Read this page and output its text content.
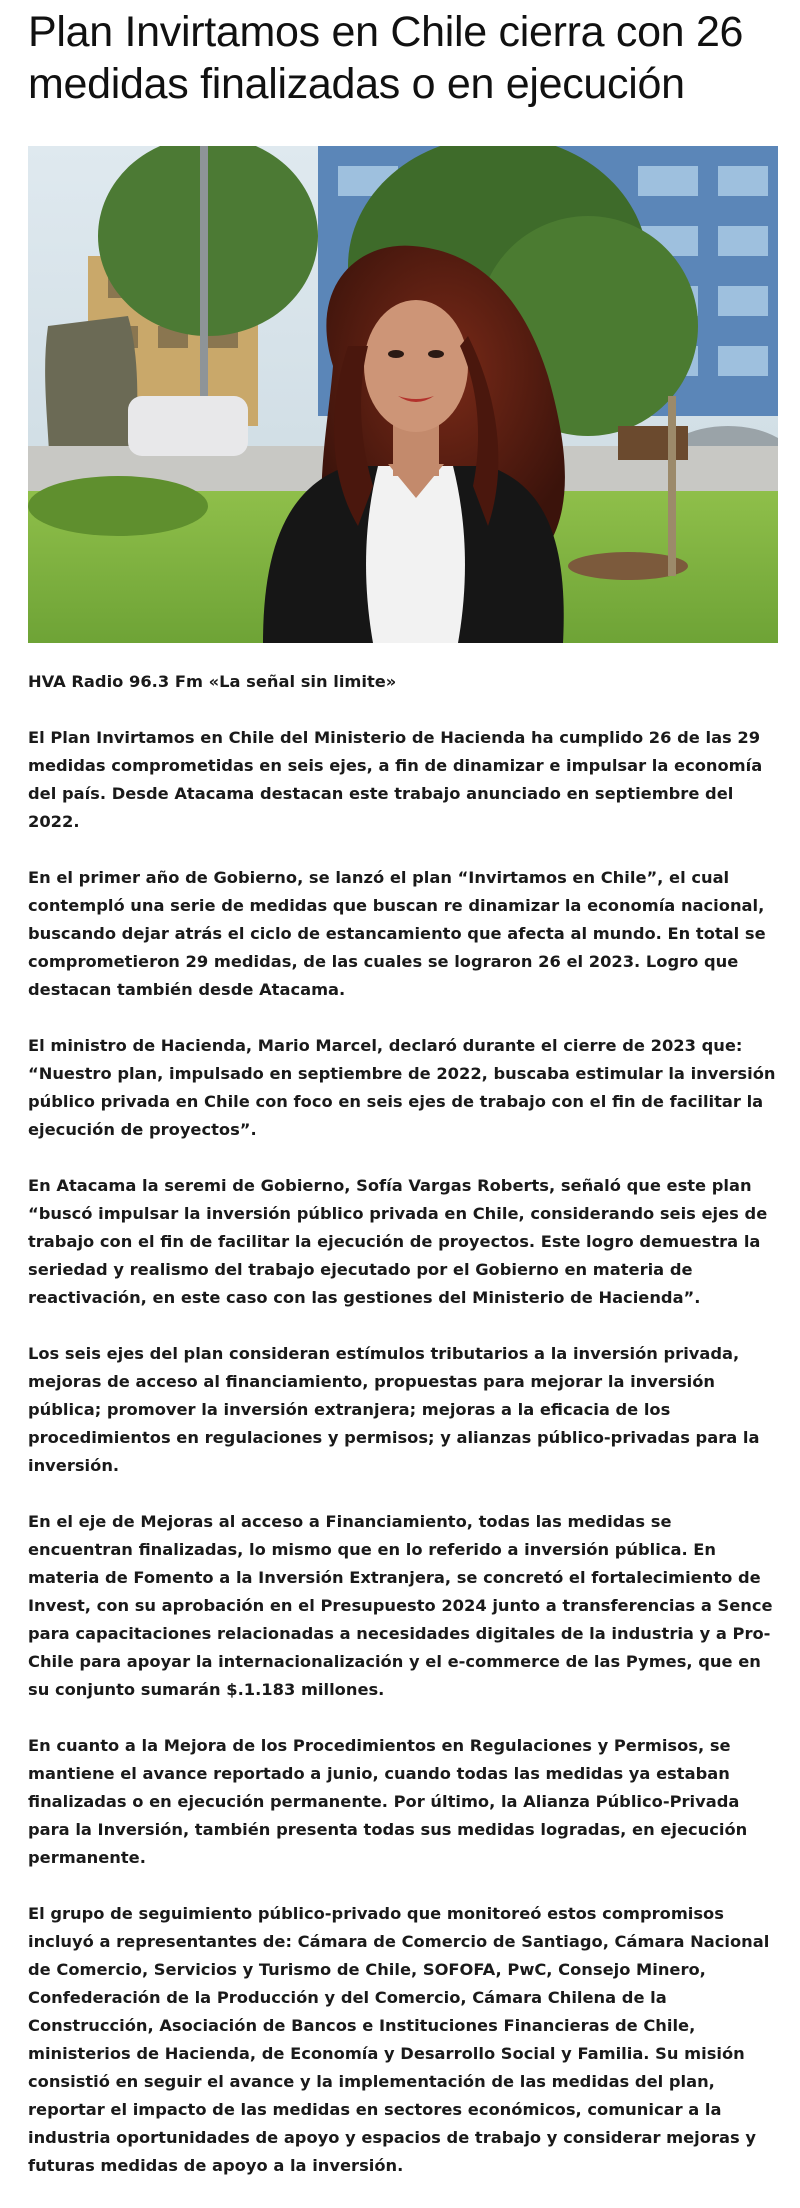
Plan Invirtamos en Chile cierra con 26 medidas finalizadas o en ejecución

HVA Radio 96.3 Fm «La señal sin limite»

El Plan Invirtamos en Chile del Ministerio de Hacienda ha cumplido 26 de las 29 medidas comprometidas en seis ejes, a fin de dinamizar e impulsar la economía del país. Desde Atacama destacan este trabajo anunciado en septiembre del 2022.

En el primer año de Gobierno, se lanzó el plan “Invirtamos en Chile”, el cual contempló una serie de medidas que buscan re dinamizar la economía nacional, buscando dejar atrás el ciclo de estancamiento que afecta al mundo. En total se comprometieron 29 medidas, de las cuales se lograron 26 el 2023. Logro que destacan también desde Atacama.

El ministro de Hacienda, Mario Marcel, declaró durante el cierre de 2023 que: “Nuestro plan, impulsado en septiembre de 2022, buscaba estimular la inversión público privada en Chile con foco en seis ejes de trabajo con el fin de facilitar la ejecución de proyectos”.

En Atacama la seremi de Gobierno, Sofía Vargas Roberts, señaló que este plan “buscó impulsar la inversión público privada en Chile, considerando seis ejes de trabajo con el fin de facilitar la ejecución de proyectos. Este logro demuestra la seriedad y realismo del trabajo ejecutado por el Gobierno en materia de reactivación, en este caso con las gestiones del Ministerio de Hacienda”.

Los seis ejes del plan consideran estímulos tributarios a la inversión privada, mejoras de acceso al financiamiento, propuestas para mejorar la inversión pública; promover la inversión extranjera; mejoras a la eficacia de los procedimientos en regulaciones y permisos; y alianzas público-privadas para la inversión.

En el eje de Mejoras al acceso a Financiamiento, todas las medidas se encuentran finalizadas, lo mismo que en lo referido a inversión pública. En materia de Fomento a la Inversión Extranjera, se concretó el fortalecimiento de Invest, con su aprobación en el Presupuesto 2024 junto a transferencias a Sence para capacitaciones relacionadas a necesidades digitales de la industria y a Pro-Chile para apoyar la internacionalización y el e-commerce de las Pymes, que en su conjunto sumarán $.1.183 millones.

En cuanto a la Mejora de los Procedimientos en Regulaciones y Permisos, se mantiene el avance reportado a junio, cuando todas las medidas ya estaban finalizadas o en ejecución permanente. Por último, la Alianza Público-Privada para la Inversión, también presenta todas sus medidas logradas, en ejecución permanente.

El grupo de seguimiento público-privado que monitoreó estos compromisos incluyó a representantes de: Cámara de Comercio de Santiago, Cámara Nacional de Comercio, Servicios y Turismo de Chile, SOFOFA, PwC, Consejo Minero, Confederación de la Producción y del Comercio, Cámara Chilena de la Construcción, Asociación de Bancos e Instituciones Financieras de Chile, ministerios de Hacienda, de Economía y Desarrollo Social y Familia. Su misión consistió en seguir el avance y la implementación de las medidas del plan, reportar el impacto de las medidas en sectores económicos, comunicar a la industria oportunidades de apoyo y espacios de trabajo y considerar mejoras y futuras medidas de apoyo a la inversión.
